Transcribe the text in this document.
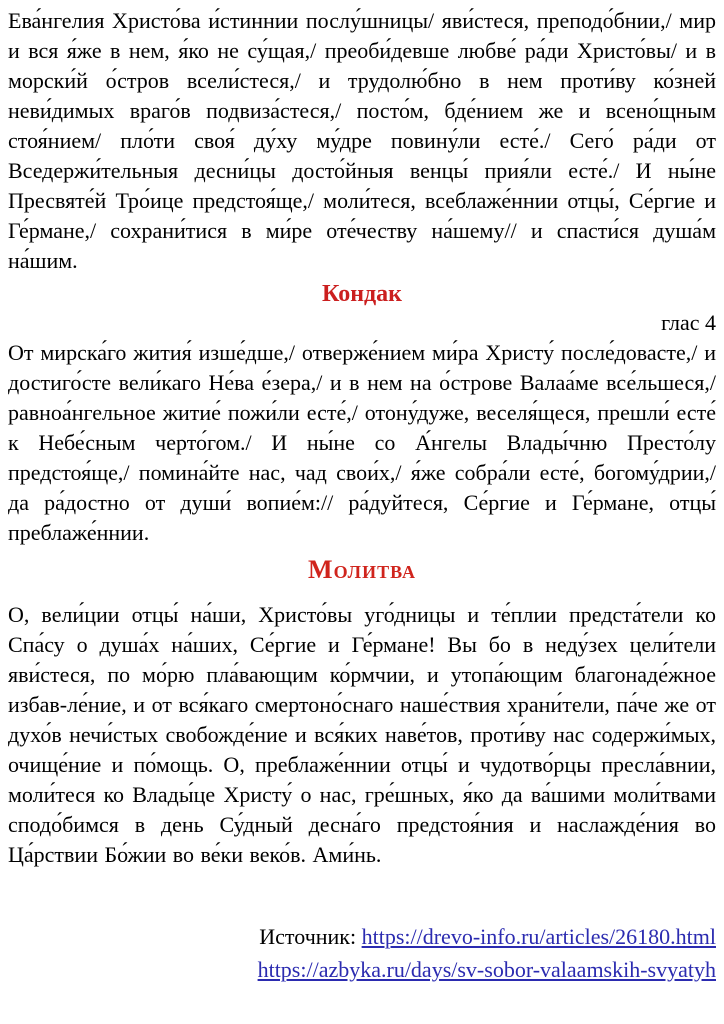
Ева́нгелия Христо́ва и́стиннии послу́шницы/ яви́стеся, преподо́бнии,/ мир и вся я́же в нем, я́ко не су́щая,/ преоби́девше любве́ ра́ди Христо́вы/ и в морски́й о́стров всели́стеся,/ и трудолю́бно в нем проти́ву ко́зней неви́димых враго́в подвиза́стеся,/ посто́м, бде́нием же и всено́щным стоя́нием/ пло́ти своя́ ду́ху му́дре повину́ли есте́./ Сего́ ра́ди от Вседержи́тельныя десни́цы досто́йныя венцы́ прия́ли есте́./ И ны́не Пресвяте́й Тро́ице предстоя́ще,/ моли́теся, всеблаже́ннии отцы́, Се́ргие и Ге́рмане,/ сохрани́тися в ми́ре оте́честву на́шему// и спасти́ся душа́м на́шим.

Кондак

глас 4

От мирска́го жития́ изше́дше,/ отверже́нием ми́ра Христу́ после́довасте,/ и достиго́сте вели́каго Не́ва е́зера,/ и в нем на о́строве Валаа́ме все́льшеся,/ равноа́нгельное житие́ пожи́ли есте́,/ отону́дуже, веселя́щеся, прешли́ есте́ к Небе́сным черто́гом./ И ны́не со А́нгелы Влады́чню Престо́лу предстоя́ще,/ помина́йте нас, чад свои́х,/ я́же собра́ли есте́, богому́дрии,/ да ра́достно от души́ вопие́м:// ра́дуйтеся, Се́ргие и Ге́рмане, отцы́ преблаже́ннии.

Молитва

О, вели́ции отцы́ на́ши, Христо́вы уго́дницы и те́плии предста́тели ко Спа́су о душа́х на́ших, Се́ргие и Ге́рмане! Вы бо в неду́зех цели́тели яви́стеся, по мо́рю пла́вающим ко́рмчии, и утопа́ющим благонаде́жное избав-ле́ние, и от вся́каго смертоно́снаго наше́ствия храни́тели, па́че же от духо́в нечи́стых свобожде́ние и вся́ких наве́тов, проти́ву нас содержи́мых, очище́ние и по́мощь. О, преблаже́ннии отцы́ и чудотво́рцы пресла́внии, моли́теся ко Влады́це Христу́ о нас, гре́шных, я́ко да ва́шими моли́твами сподо́бимся в день Су́дный десна́го предстоя́ния и наслажде́ния во Ца́рствии Бо́жии во ве́ки веко́в. Ами́нь.

Источник: https://drevo-info.ru/articles/26180.html
https://azbyka.ru/days/sv-sobor-valaamskih-svyatyh
